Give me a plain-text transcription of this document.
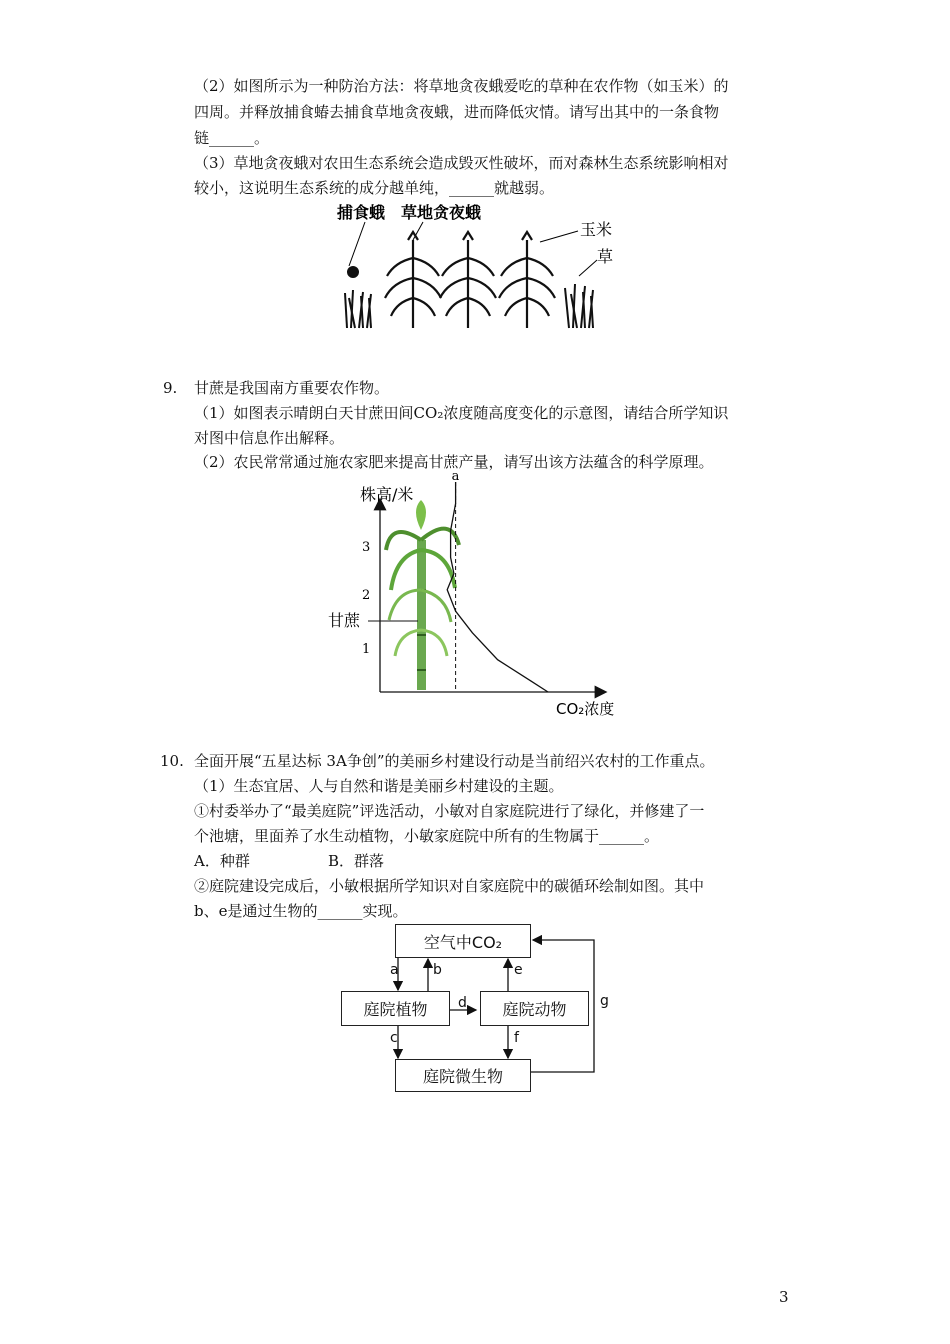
（2）如图所示为一种防治方法：将草地贪夜蛾爱吃的草种在农作物（如玉米）的
四周。并释放捕食蝽去捕食草地贪夜蛾，进而降低灾情。请写出其中的一条食物
链______。
（3）草地贪夜蛾对农田生态系统会造成毁灭性破坏，而对森林生态系统影响相对
较小，这说明生态系统的成分越单纯，______就越弱。
捕食蛾 草地贪夜蛾
玉米
草
9. 甘蔗是我国南方重要农作物。
（1）如图表示晴朗白天甘蔗田间CO₂浓度随高度变化的示意图，请结合所学知识
对图中信息作出解释。
（2）农民常常通过施农家肥来提高甘蔗产量，请写出该方法蕴含的科学原理。
株高/米
CO₂浓度
1
2
3
甘蔗
a
10. 全面开展“五星达标 3A争创”的美丽乡村建设行动是当前绍兴农村的工作重点。
（1）生态宜居、人与自然和谐是美丽乡村建设的主题。
①村委举办了“最美庭院”评选活动，小敏对自家庭院进行了绿化，并修建了一
个池塘，里面养了水生动植物，小敏家庭院中所有的生物属于______。
A．种群	B．群落
②庭院建设完成后，小敏根据所学知识对自家庭院中的碳循环绘制如图。其中
b、e是通过生物的______实现。
空气中CO₂
庭院植物	庭院动物
庭院微生物
a b
c
d
e
f
g
3
